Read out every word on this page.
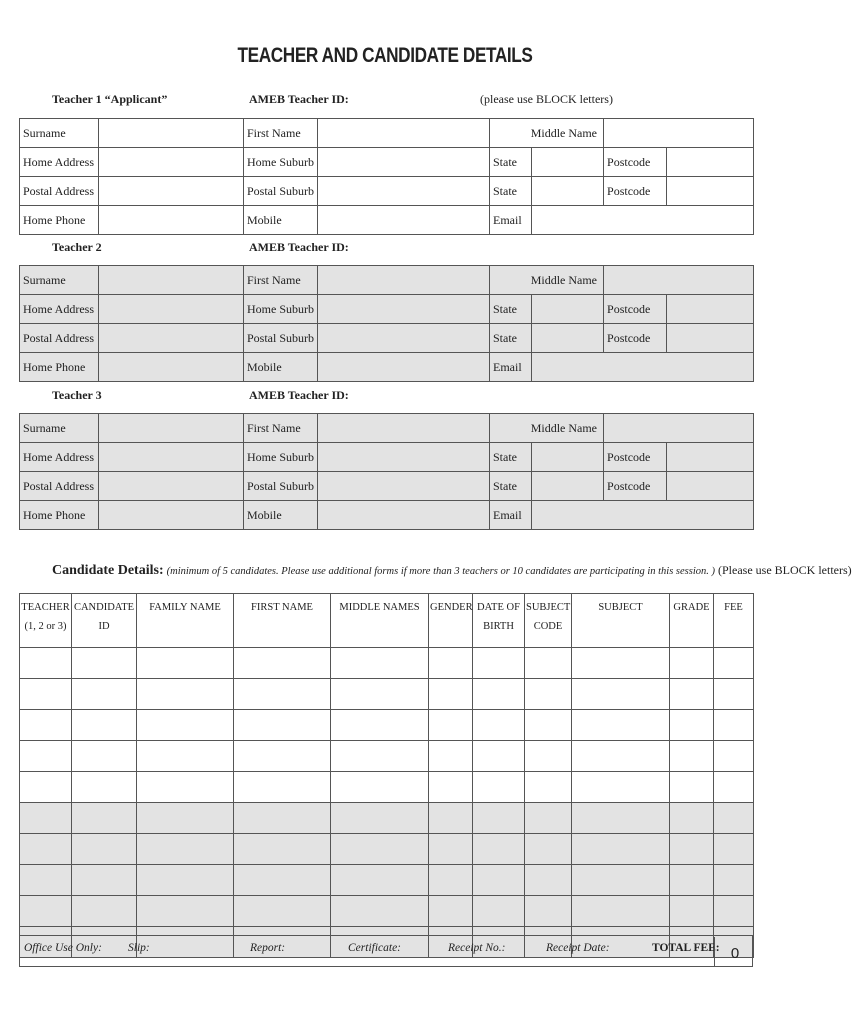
TEACHER AND CANDIDATE DETAILS
Teacher 1 “Applicant”	AMEB Teacher ID:	(please use BLOCK letters)
Surname		First Name		Middle Name			
Home Address		Home Suburb		State		Postcode	
Postal Address		Postal Suburb		State		Postcode	
Home Phone		Mobile		Email			
Teacher 2	AMEB Teacher ID:
Surname		First Name		Middle Name			
Home Address		Home Suburb		State		Postcode	
Postal Address		Postal Suburb		State		Postcode	
Home Phone		Mobile		Email			
Teacher 3	AMEB Teacher ID:
Surname		First Name		Middle Name			
Home Address		Home Suburb		State		Postcode	
Postal Address		Postal Suburb		State		Postcode	
Home Phone		Mobile		Email			
Candidate Details: (minimum of 5 candidates. Please use additional forms if more than 3 teachers or 10 candidates are participating in this session. ) (Please use BLOCK letters)
TEACHER (1, 2 or 3)	CANDIDATE ID	FAMILY NAME	FIRST NAME	MIDDLE NAMES	GENDER	DATE OF BIRTH	SUBJECT CODE	SUBJECT	GRADE	FEE

Office Use Only: Slip:	Report:	Certificate:	Receipt No.:	Receipt Date:	TOTAL FEE: 0
